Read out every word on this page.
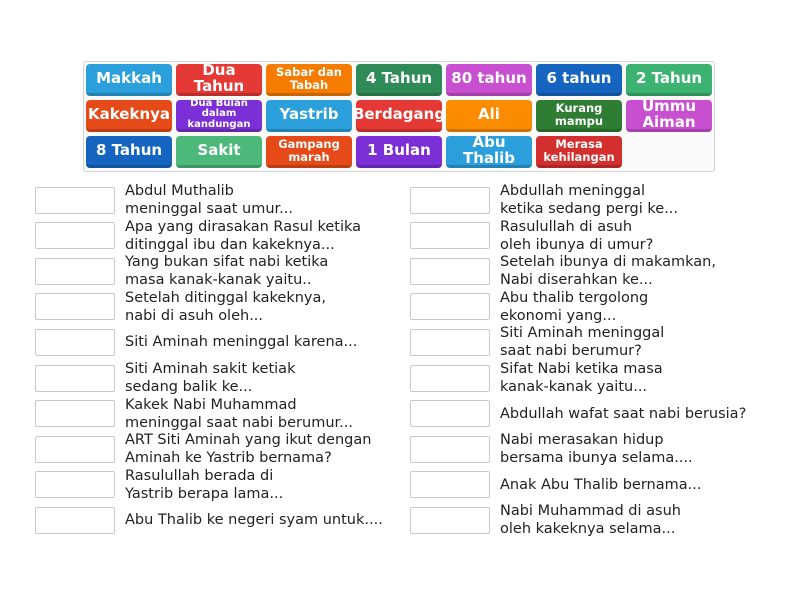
Makkah	Dua Tahun
Sabar dan Tabah	4 Tahun	80 tahun	6 tahun	2 Tahun
Kakeknya
Dua Bulan dalam kandungan
Yastrib Berdagang	Ali	Kurang mampu
Ummu Aiman
8 Tahun	Sakit	Gampang marah	1 Bulan	Abu Thalib
Merasa kehilangan
Abdul Muthalib
meninggal saat umur...
Apa yang dirasakan Rasul ketika
ditinggal ibu dan kakeknya...
Yang bukan sifat nabi ketika
masa kanak-kanak yaitu..
Setelah ditinggal kakeknya,
nabi di asuh oleh...
Siti Aminah meninggal karena...
Siti Aminah sakit ketiak
sedang balik ke...
Kakek Nabi Muhammad
meninggal saat nabi berumur...
ART Siti Aminah yang ikut dengan
Aminah ke Yastrib bernama?
Rasulullah berada di
Yastrib berapa lama...
Abu Thalib ke negeri syam untuk....
Abdullah meninggal
ketika sedang pergi ke...
Rasulullah di asuh
oleh ibunya di umur?
Setelah ibunya di makamkan,
Nabi diserahkan ke...
Abu thalib tergolong
ekonomi yang...
Siti Aminah meninggal
saat nabi berumur?
Sifat Nabi ketika masa
kanak-kanak yaitu...
Abdullah wafat saat nabi berusia?
Nabi merasakan hidup
bersama ibunya selama....
Anak Abu Thalib bernama...
Nabi Muhammad di asuh
oleh kakeknya selama...
